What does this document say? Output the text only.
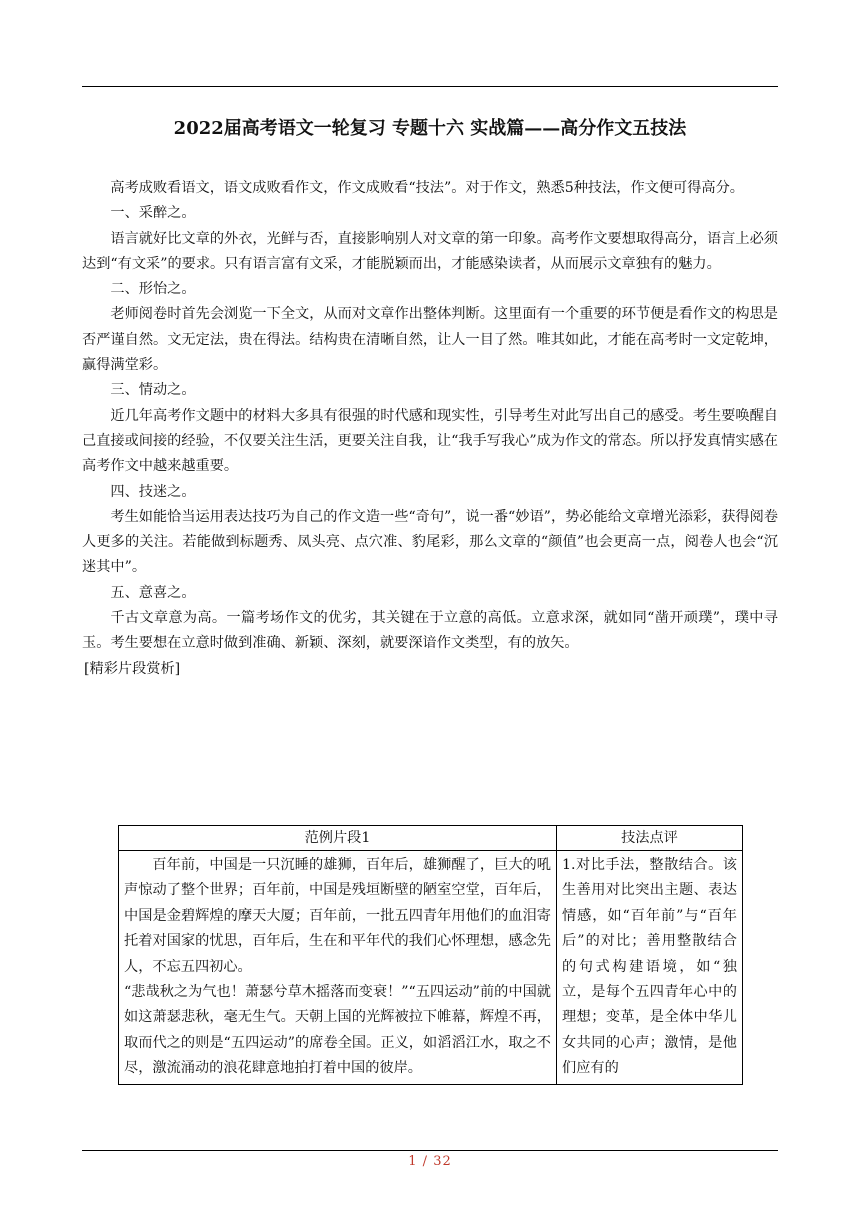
2022届高考语文一轮复习 专题十六 实战篇——高分作文五技法

高考成败看语文，语文成败看作文，作文成败看“技法”。对于作文，熟悉5种技法，作文便可得高分。

一、采醉之。

语言就好比文章的外衣，光鲜与否，直接影响别人对文章的第一印象。高考作文要想取得高分，语言上必须达到“有文采”的要求。只有语言富有文采，才能脱颖而出，才能感染读者，从而展示文章独有的魅力。

二、形怡之。

老师阅卷时首先会浏览一下全文，从而对文章作出整体判断。这里面有一个重要的环节便是看作文的构思是否严谨自然。文无定法，贵在得法。结构贵在清晰自然，让人一目了然。唯其如此，才能在高考时一文定乾坤，赢得满堂彩。

三、情动之。

近几年高考作文题中的材料大多具有很强的时代感和现实性，引导考生对此写出自己的感受。考生要唤醒自己直接或间接的经验，不仅要关注生活，更要关注自我，让“我手写我心”成为作文的常态。所以抒发真情实感在高考作文中越来越重要。

四、技迷之。

考生如能恰当运用表达技巧为自己的作文造一些“奇句”，说一番“妙语”，势必能给文章增光添彩，获得阅卷人更多的关注。若能做到标题秀、凤头亮、点穴准、豹尾彩，那么文章的“颜值”也会更高一点，阅卷人也会“沉迷其中”。

五、意喜之。

千古文章意为高。一篇考场作文的优劣，其关键在于立意的高低。立意求深，就如同“凿开顽璞”，璞中寻玉。考生要想在立意时做到准确、新颖、深刻，就要深谙作文类型，有的放矢。

[精彩片段赏析]

范例片段1	技法点评

百年前，中国是一只沉睡的雄狮，百年后，雄狮醒了，巨大的吼声惊动了整个世界；百年前，中国是残垣断壁的陋室空堂，百年后，中国是金碧辉煌的摩天大厦；百年前，一批五四青年用他们的血泪寄托着对国家的忧思，百年后，生在和平年代的我们心怀理想，感念先人，不忘五四初心。

“悲哉秋之为气也！萧瑟兮草木摇落而变衰！”“五四运动”前的中国就如这萧瑟悲秋，毫无生气。天朝上国的光辉被拉下帷幕，辉煌不再，取而代之的则是“五四运动”的席卷全国。正义，如滔滔江水，取之不尽，激流涌动的浪花肆意地拍打着中国的彼岸。	1.对比手法，整散结合。该生善用对比突出主题、表达情感，如“百年前”与“百年后”的对比；善用整散结合的句式构建语境，如“独立，是每个五四青年心中的理想；变革，是全体中华儿女共同的心声；激情，是他们应有的
1 / 32
